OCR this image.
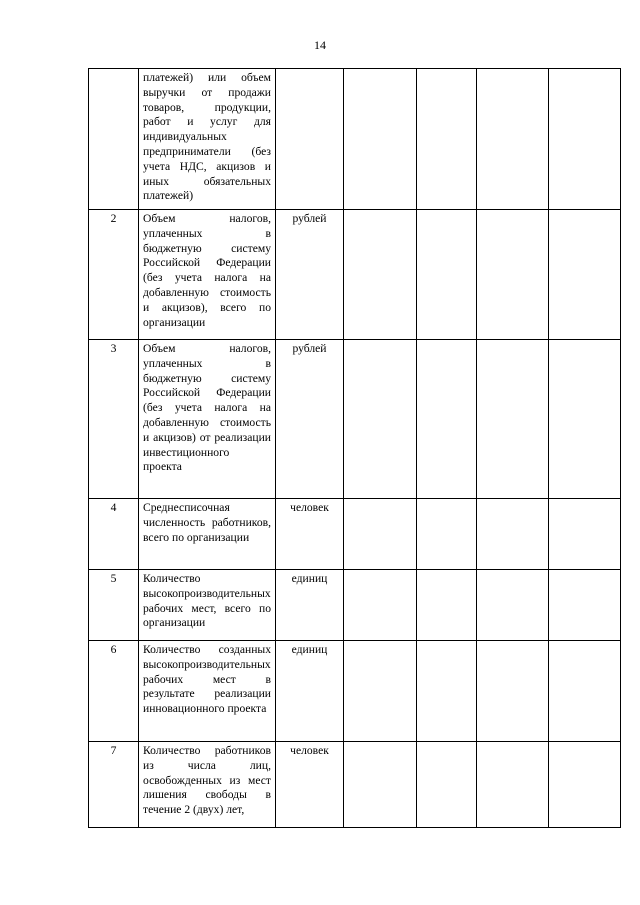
14

	платежей) или объем выручки от продажи товаров, продукции, работ и услуг для индивидуальных предприниматели (без учета НДС, акцизов и иных обязательных платежей)					

2	Объем налогов, уплаченных в бюджетную систему Российской Федерации (без учета налога на добавленную стоимость и акцизов), всего по организации	рублей				
3	Объем налогов, уплаченных в бюджетную систему Российской Федерации (без учета налога на добавленную стоимость и акцизов) от реализации инвестиционного проекта	рублей				
4	Среднесписочная численность работников, всего по организации	человек				
5	Количество высокопроизводительных рабочих мест, всего по организации	единиц				
6	Количество созданных высокопроизводительных рабочих мест в результате реализации инновационного проекта	единиц				
7	Количество работников из числа лиц, освобожденных из мест лишения свободы в течение 2 (двух) лет,	человек				
